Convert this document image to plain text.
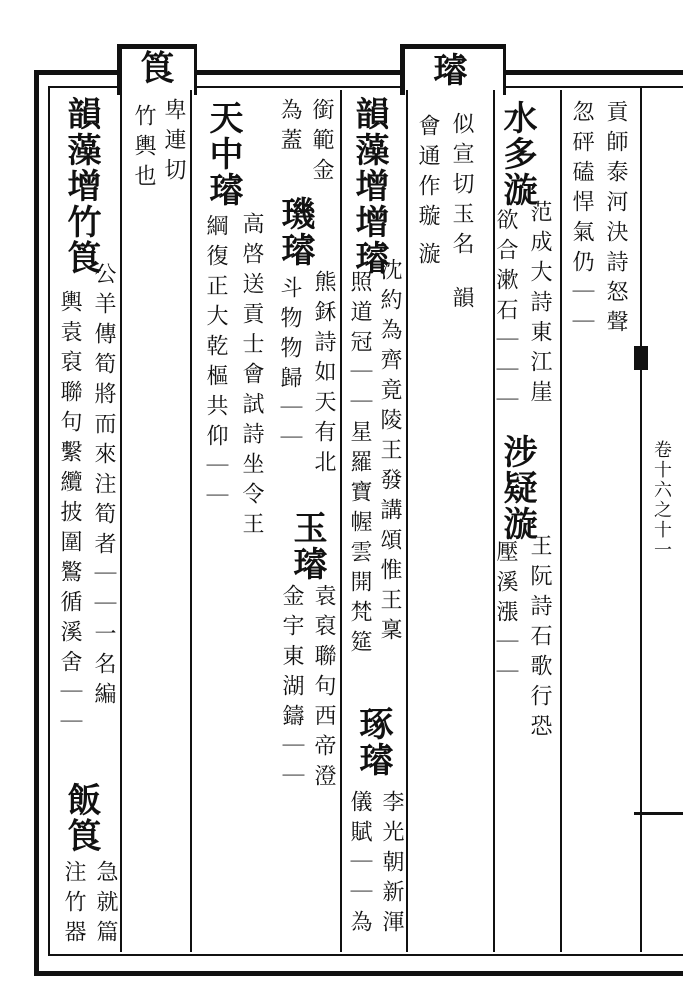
筤	璿
卷十六之十一
韻藻增竹筤
公羊傳筍將而來注筍者｜｜一名編
輿袁裒聯句繫纜披圍鸄循溪舍｜｜
飯筤
急就篇
注竹器
卑連切
竹輿也 天中璿
高啓送貢士會試詩坐令王
綱復正大乾樞共仰｜｜
銜範金
為蓋
璣璿
熊鉌詩如天有北
斗物物歸｜｜
玉璿
袁裒聯句西帝澄
金宇東湖鑄｜｜
韻藻增增璿
沈約為齊竟陵王發講頌惟王稟
照道冠｜｜星羅寶幄雲開梵筵
琢璿
李光朝新渾
儀賦｜｜為
似宣切玉名
會通作璇
韻
漩
水多漩
范成大詩東江崖
欲合漱石｜｜｜
涉疑漩
王阮詩石歌行恐
壓溪漲｜｜
貢師泰河決詩怒聲
忽砰磕悍氣仍｜｜
